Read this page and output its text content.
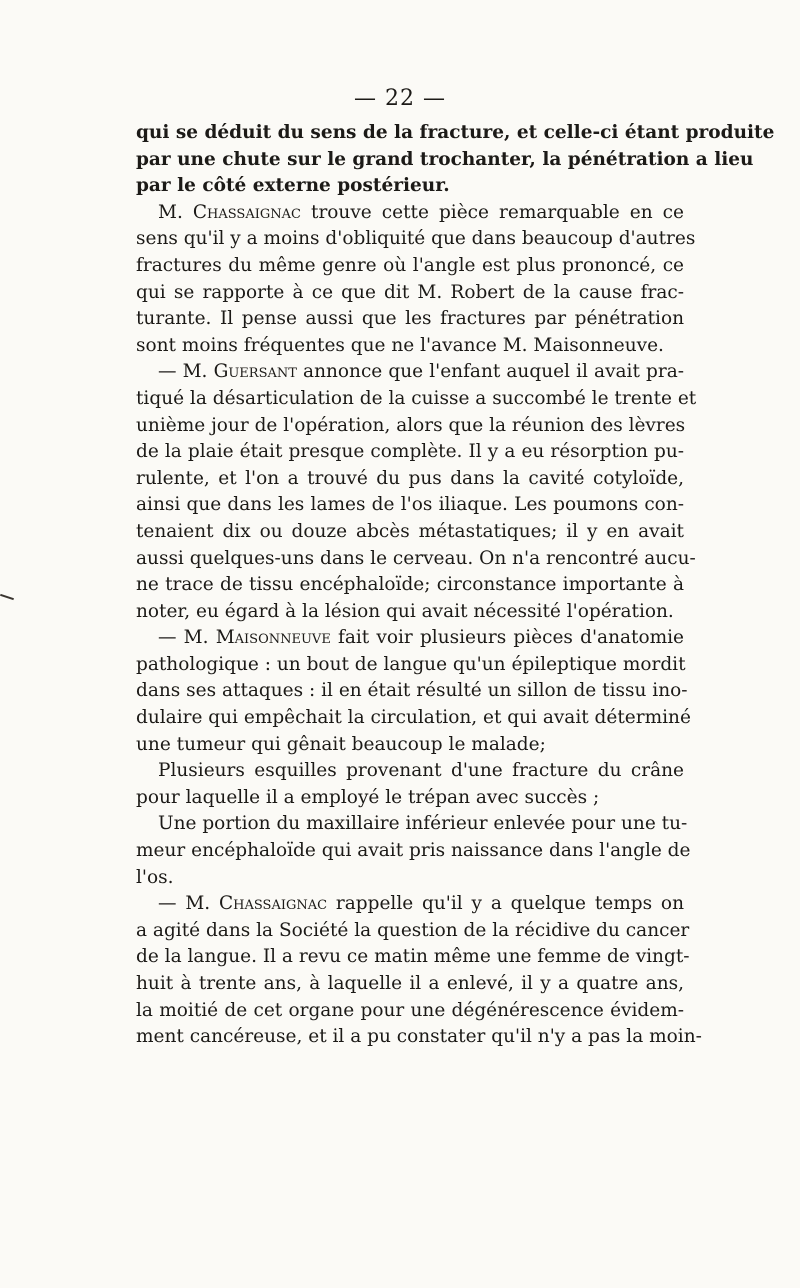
— 22 —
qui se déduit du sens de la fracture, et celle-ci étant produite
par une chute sur le grand trochanter, la pénétration a lieu
par le côté externe postérieur.
M. Chassaignac trouve cette pièce remarquable en ce
sens qu'il y a moins d'obliquité que dans beaucoup d'autres
fractures du même genre où l'angle est plus prononcé, ce
qui se rapporte à ce que dit M. Robert de la cause frac-
turante. Il pense aussi que les fractures par pénétration
sont moins fréquentes que ne l'avance M. Maisonneuve.
— M. Guersant annonce que l'enfant auquel il avait pra-
tiqué la désarticulation de la cuisse a succombé le trente et
unième jour de l'opération, alors que la réunion des lèvres
de la plaie était presque complète. Il y a eu résorption pu-
rulente, et l'on a trouvé du pus dans la cavité cotyloïde,
ainsi que dans les lames de l'os iliaque. Les poumons con-
tenaient dix ou douze abcès métastatiques; il y en avait
aussi quelques-uns dans le cerveau. On n'a rencontré aucu-
ne trace de tissu encéphaloïde; circonstance importante à
noter, eu égard à la lésion qui avait nécessité l'opération.
— M. Maisonneuve fait voir plusieurs pièces d'anatomie
pathologique : un bout de langue qu'un épileptique mordit
dans ses attaques : il en était résulté un sillon de tissu ino-
dulaire qui empêchait la circulation, et qui avait déterminé
une tumeur qui gênait beaucoup le malade;
Plusieurs esquilles provenant d'une fracture du crâne
pour laquelle il a employé le trépan avec succès ;
Une portion du maxillaire inférieur enlevée pour une tu-
meur encéphaloïde qui avait pris naissance dans l'angle de
l'os.
— M. Chassaignac rappelle qu'il y a quelque temps on
a agité dans la Société la question de la récidive du cancer
de la langue. Il a revu ce matin même une femme de vingt-
huit à trente ans, à laquelle il a enlevé, il y a quatre ans,
la moitié de cet organe pour une dégénérescence évidem-
ment cancéreuse, et il a pu constater qu'il n'y a pas la moin-
